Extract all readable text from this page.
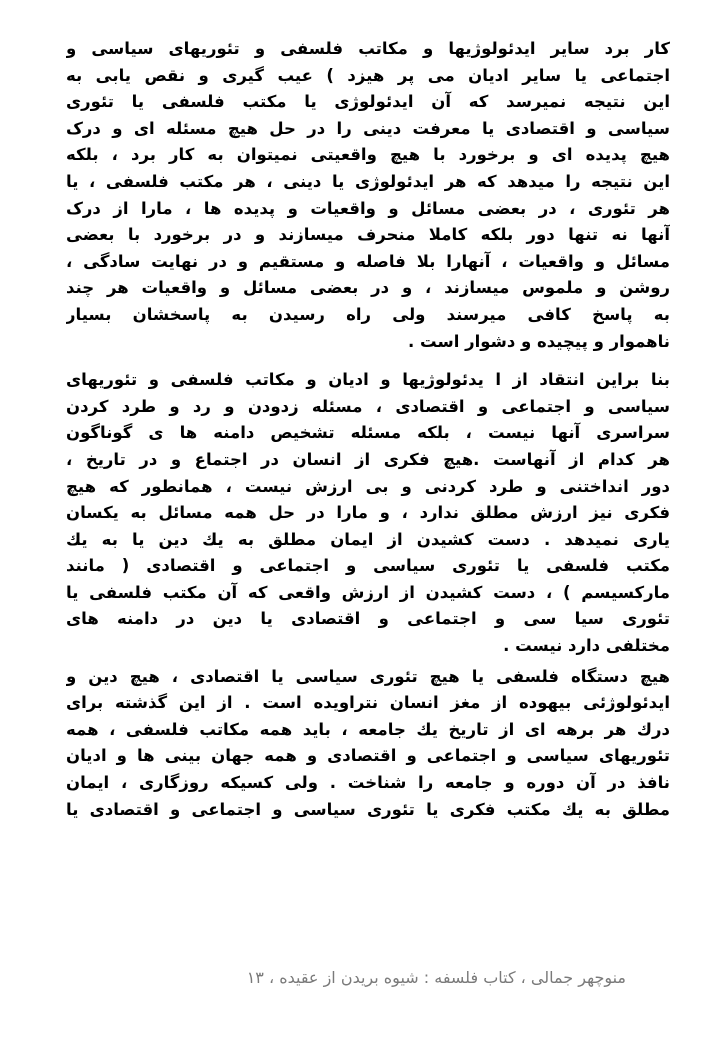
کار برد سایر ایدئولوژیها و مکاتب فلسفی و تئوریهای سیاسی و
اجتماعی یا سایر ادیان می پر هیزد ) عیب گیری و نقص یابی به
این نتیجه نمیرسد که آن ایدئولوژی یا مکتب فلسفی یا تئوری
سیاسی و اقتصادی یا معرفت دینی را در حل هیچ مسئله ای و درک
هیچ پدیده ای و برخورد با هیچ واقعیتی نمیتوان به کار برد ، بلکه
این نتیجه را میدهد که هر ایدئولوژی یا دینی ، هر مکتب فلسفی ، یا
هر تئوری ، در بعضی مسائل و واقعیات و پدیده ها ، مارا از درک
آنها نه تنها دور بلکه کاملا منحرف میسازند و در برخورد با بعضی
مسائل و واقعیات ، آنهارا بلا فاصله و مستقیم و در نهایت سادگی ،
روشن و ملموس میسازند ، و در بعضی مسائل و واقعیات هر چند
به پاسخ کافی میرسند ولی راه رسیدن به پاسخشان بسیار
ناهموار و پیچیده و دشوار است .
بنا براین انتقاد از ا یدئولوژیها و ادیان و مکاتب فلسفی و تئوریهای
سیاسی و اجتماعی و اقتصادی ، مسئله زدودن و رد و طرد کردن
سراسری آنها نیست ، بلکه مسئله تشخیص دامنه ها ی گوناگون
هر کدام از آنهاست .هیچ فکری از انسان در اجتماع و در تاریخ ،
دور انداختنی و طرد کردنی و بی ارزش نیست ، همانطور که هیچ
فکری نیز ارزش مطلق ندارد ، و مارا در حل همه مسائل به یکسان
یاری نمیدهد . دست کشیدن از ایمان مطلق به یك دین یا به یك
مکتب فلسفی یا تئوری سیاسی و اجتماعی و اقتصادی ( مانند
مارکسیسم ) ، دست کشیدن از ارزش واقعی که آن مکتب فلسفی یا
تئوری سیا سی و اجتماعی و اقتصادی یا دین در دامنه های
مختلفی دارد نیست .
هیچ دستگاه فلسفی یا هیچ تئوری سیاسی یا اقتصادی ، هیچ دین و
ایدئولوژئی بیهوده از مغز انسان نتراویده است . از این گذشته برای
درك هر برهه ای از تاریخ یك جامعه ، باید همه مکاتب فلسفی ، همه
تئوریهای سیاسی و اجتماعی و اقتصادی و همه جهان بینی ها و ادیان
نافذ در آن دوره و جامعه را شناخت . ولی کسیکه روزگاری ، ایمان
مطلق به یك مکتب فکری یا تئوری سیاسی و اجتماعی و اقتصادی یا
منوچهر جمالی ، کتاب فلسفه : شیوه بریدن از عقیده ، ۱۳
